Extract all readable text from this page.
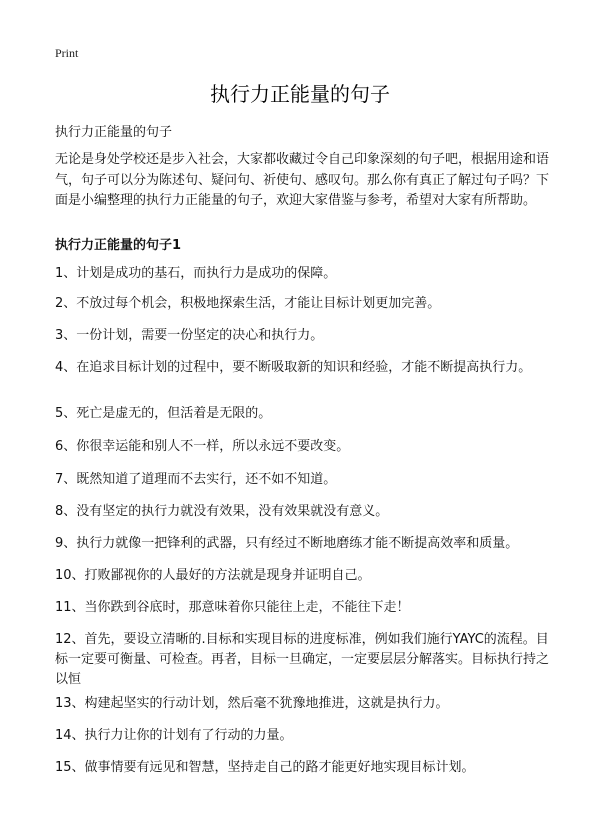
Print
执行力正能量的句子
执行力正能量的句子
无论是身处学校还是步入社会，大家都收藏过令自己印象深刻的句子吧，根据用途和语气，句子可以分为陈述句、疑问句、祈使句、感叹句。那么你有真正了解过句子吗？下面是小编整理的执行力正能量的句子，欢迎大家借鉴与参考，希望对大家有所帮助。
执行力正能量的句子1
1、计划是成功的基石，而执行力是成功的保障。
2、不放过每个机会，积极地探索生活，才能让目标计划更加完善。
3、一份计划，需要一份坚定的决心和执行力。
4、在追求目标计划的过程中，要不断吸取新的知识和经验，才能不断提高执行力。
5、死亡是虚无的，但活着是无限的。
6、你很幸运能和别人不一样，所以永远不要改变。
7、既然知道了道理而不去实行，还不如不知道。
8、没有坚定的执行力就没有效果，没有效果就没有意义。
9、执行力就像一把锋利的武器，只有经过不断地磨练才能不断提高效率和质量。
10、打败鄙视你的人最好的方法就是现身并证明自己。
11、当你跌到谷底时，那意味着你只能往上走，不能往下走！
12、首先，要设立清晰的.目标和实现目标的进度标准，例如我们施行YAYC的流程。目标一定要可衡量、可检查。再者，目标一旦确定，一定要层层分解落实。目标执行持之以恒
13、构建起坚实的行动计划，然后毫不犹豫地推进，这就是执行力。
14、执行力让你的计划有了行动的力量。
15、做事情要有远见和智慧，坚持走自己的路才能更好地实现目标计划。
